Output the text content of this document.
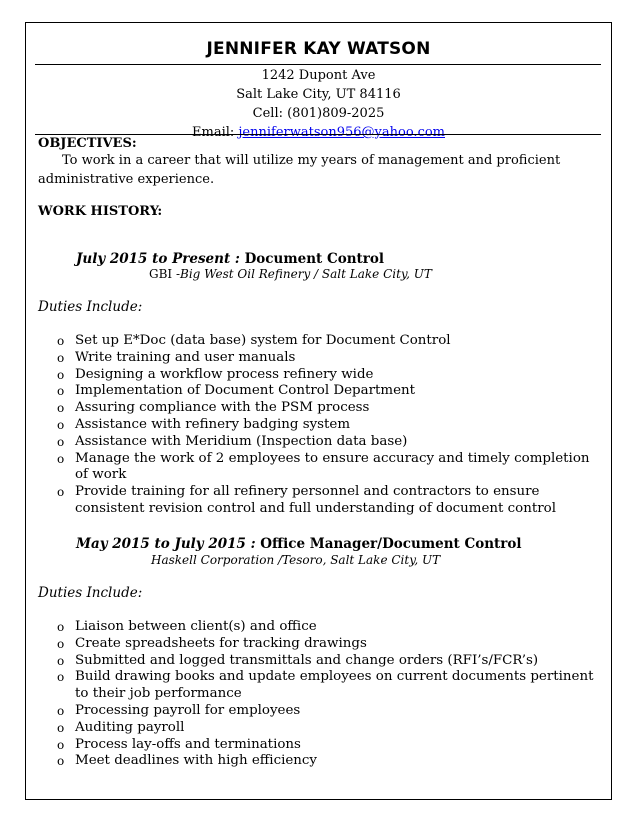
JENNIFER KAY WATSON
1242 Dupont Ave
Salt Lake City, UT 84116
Cell: (801)809-2025
Email: jenniferwatson956@yahoo.com
OBJECTIVES:
To work in a career that will utilize my years of management and proficient administrative experience.
WORK HISTORY:
July 2015 to Present : Document Control
GBI -Big West Oil Refinery / Salt Lake City, UT
Duties Include:
o Set up E*Doc (data base) system for Document Control
o Write training and user manuals
o Designing a workflow process refinery wide
o Implementation of Document Control Department
o Assuring compliance with the PSM process
o Assistance with refinery badging system
o Assistance with Meridium (Inspection data base)
o Manage the work of 2 employees to ensure accuracy and timely completion of work
o Provide training for all refinery personnel and contractors to ensure consistent revision control and full understanding of document control
May 2015 to July 2015 : Office Manager/Document Control
Haskell Corporation /Tesoro, Salt Lake City, UT
Duties Include:
o Liaison between client(s) and office
o Create spreadsheets for tracking drawings
o Submitted and logged transmittals and change orders (RFI’s/FCR’s)
o Build drawing books and update employees on current documents pertinent to their job performance
o Processing payroll for employees
o Auditing payroll
o Process lay-offs and terminations
o Meet deadlines with high efficiency
